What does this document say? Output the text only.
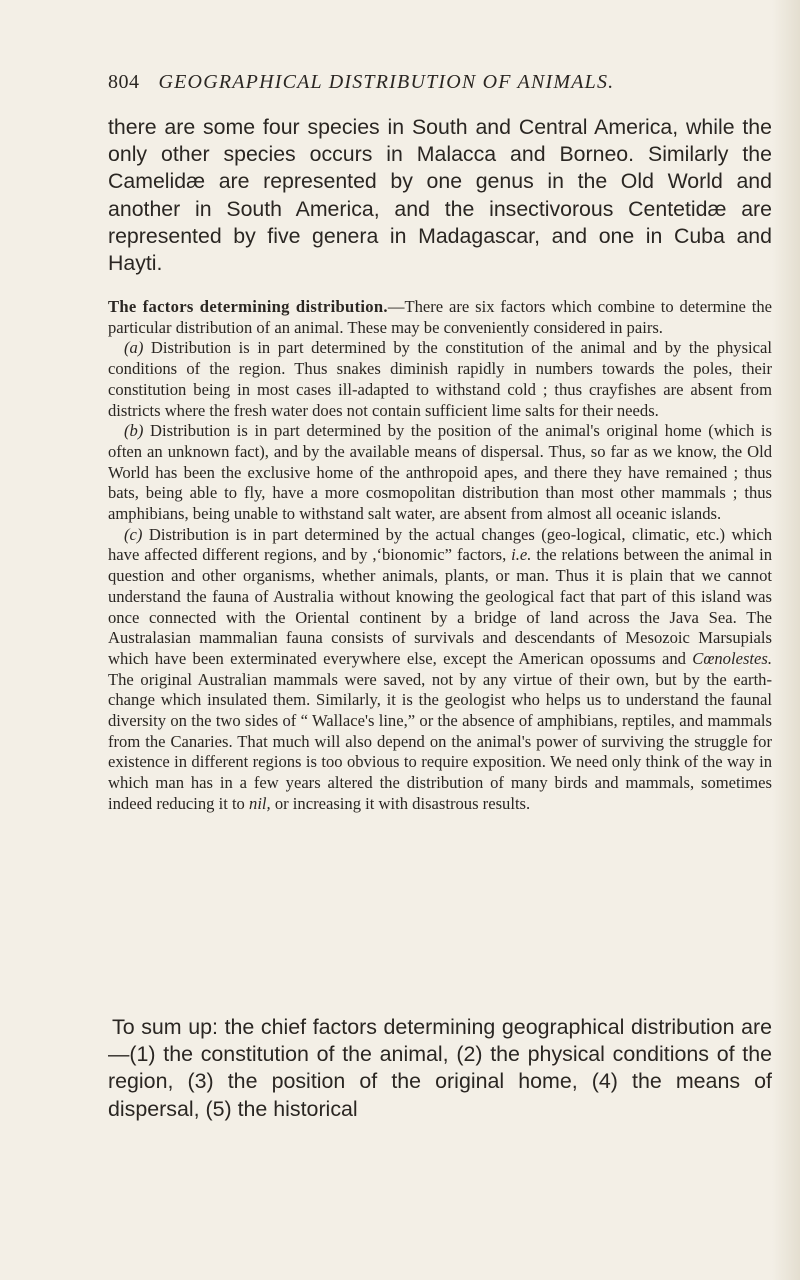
804 GEOGRAPHICAL DISTRIBUTION OF ANIMALS.

there are some four species in South and Central America, while the only other species occurs in Malacca and Borneo. Similarly the Camelidæ are represented by one genus in the Old World and another in South America, and the insectivorous Centetidæ are represented by five genera in Madagascar, and one in Cuba and Hayti.

The factors determining distribution.—There are six factors which combine to determine the particular distribution of an animal. These may be conveniently considered in pairs.

(a) Distribution is in part determined by the constitution of the animal and by the physical conditions of the region. Thus snakes diminish rapidly in numbers towards the poles, their constitution being in most cases ill-adapted to withstand cold ; thus crayfishes are absent from districts where the fresh water does not contain sufficient lime salts for their needs.

(b) Distribution is in part determined by the position of the animal's original home (which is often an unknown fact), and by the available means of dispersal. Thus, so far as we know, the Old World has been the exclusive home of the anthropoid apes, and there they have remained ; thus bats, being able to fly, have a more cosmopolitan distribution than most other mammals ; thus amphibians, being unable to withstand salt water, are absent from almost all oceanic islands.

(c) Distribution is in part determined by the actual changes (geo-logical, climatic, etc.) which have affected different regions, and by ,‘bionomic” factors, i.e. the relations between the animal in question and other organisms, whether animals, plants, or man. Thus it is plain that we cannot understand the fauna of Australia without knowing the geological fact that part of this island was once connected with the Oriental continent by a bridge of land across the Java Sea. The Australasian mammalian fauna consists of survivals and descendants of Mesozoic Marsupials which have been exterminated everywhere else, except the American opossums and Cœnolestes. The original Australian mammals were saved, not by any virtue of their own, but by the earth-change which insulated them. Similarly, it is the geologist who helps us to understand the faunal diversity on the two sides of “ Wallace's line,” or the absence of amphibians, reptiles, and mammals from the Canaries. That much will also depend on the animal's power of surviving the struggle for existence in different regions is too obvious to require exposition. We need only think of the way in which man has in a few years altered the distribution of many birds and mammals, sometimes indeed reducing it to nil, or increasing it with disastrous results.

To sum up: the chief factors determining geographical distribution are—(1) the constitution of the animal, (2) the physical conditions of the region, (3) the position of the original home, (4) the means of dispersal, (5) the historical
